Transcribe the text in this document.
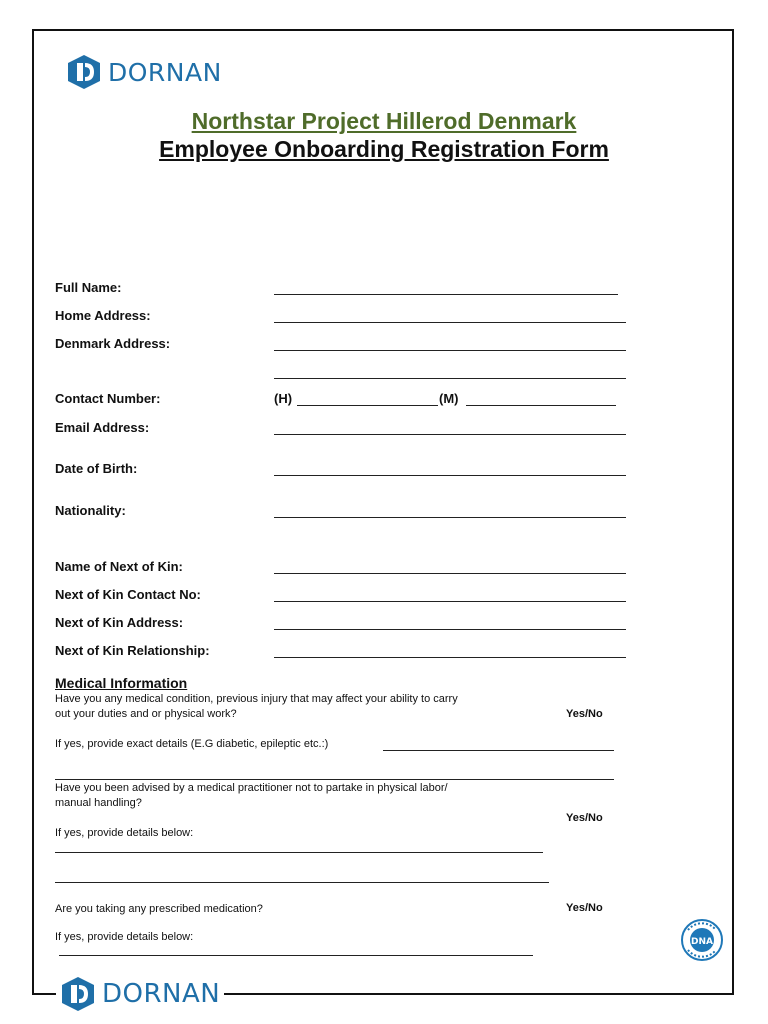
DORNAN
Northstar Project Hillerod Denmark
Employee Onboarding Registration Form
Full Name:
Home Address:
Denmark Address:
Contact Number:	(H)	(M)
Email Address:
Date of Birth:
Nationality:
Name of Next of Kin:
Next of Kin Contact No:
Next of Kin Address:
Next of Kin Relationship:
Medical Information
Have you any medical condition, previous injury that may affect your ability to carry
out your duties and or physical work?	Yes/No
If yes, provide exact details (E.G diabetic, epileptic etc.:)
Have you been advised by a medical practitioner not to partake in physical labor/
manual handling?
Yes/No
If yes, provide details below:
Are you taking any prescribed medication?	Yes/No
If yes, provide details below:	DNA
DORNAN
